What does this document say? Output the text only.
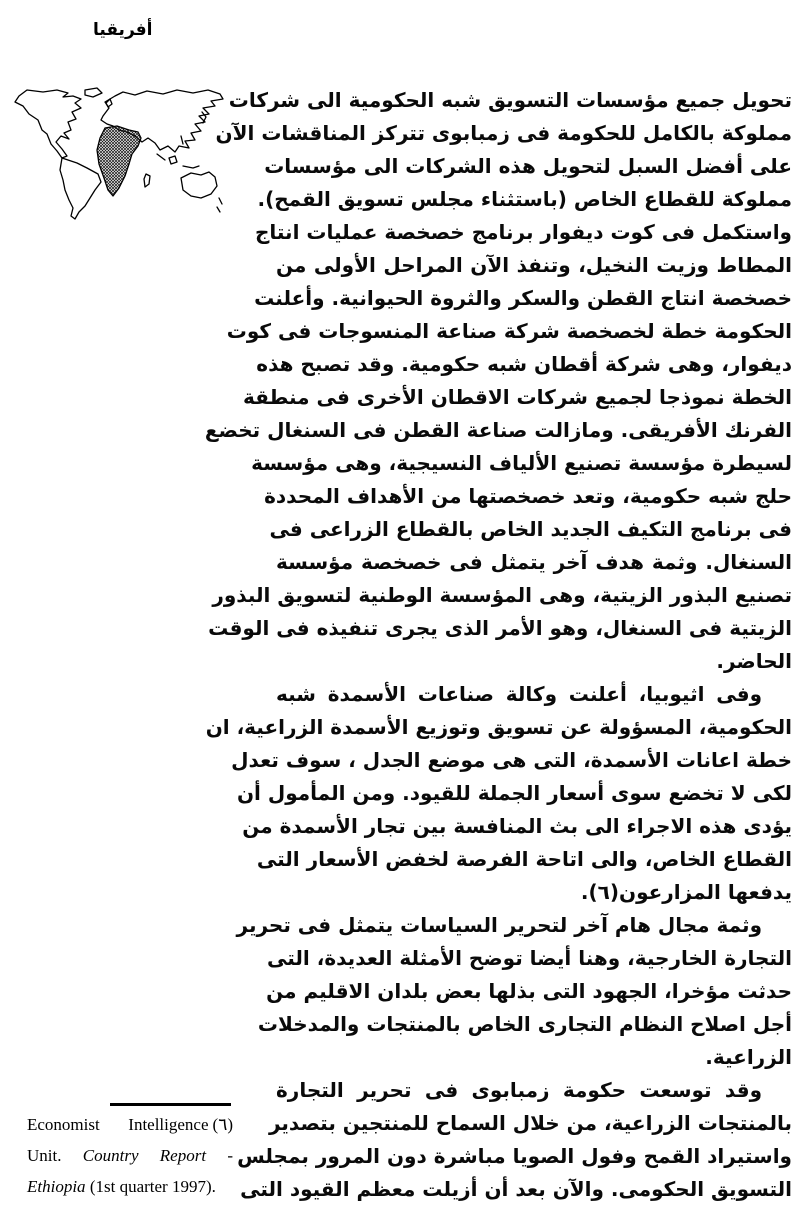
أفريقيا
تحويل جميع مؤسسات التسويق شبه الحكومية الى شركات
مملوكة بالكامل للحكومة فى زمبابوى تتركز المناقشات الآن
على أفضل السبل لتحويل هذه الشركات الى مؤسسات
مملوكة للقطاع الخاص (باستثناء مجلس تسويق القمح).
واستكمل فى كوت ديفوار برنامج خصخصة عمليات انتاج
المطاط وزيت النخيل، وتنفذ الآن المراحل الأولى من
خصخصة انتاج القطن والسكر والثروة الحيوانية. وأعلنت
الحكومة خطة لخصخصة شركة صناعة المنسوجات فى كوت
ديفوار، وهى شركة أقطان شبه حكومية. وقد تصبح هذه
الخطة نموذجا لجميع شركات الاقطان الأخرى فى منطقة
الفرنك الأفريقى. ومازالت صناعة القطن فى السنغال تخضع
لسيطرة مؤسسة تصنيع الألياف النسيجية، وهى مؤسسة
حلج شبه حكومية، وتعد خصخصتها من الأهداف المحددة
فى برنامج التكيف الجديد الخاص بالقطاع الزراعى فى
السنغال. وثمة هدف آخر يتمثل فى خصخصة مؤسسة
تصنيع البذور الزيتية، وهى المؤسسة الوطنية لتسويق البذور
الزيتية فى السنغال، وهو الأمر الذى يجرى تنفيذه فى الوقت
الحاضر.
وفى اثيوبيا، أعلنت وكالة صناعات الأسمدة شبه
الحكومية، المسؤولة عن تسويق وتوزيع الأسمدة الزراعية، ان
خطة اعانات الأسمدة، التى هى موضع الجدل ، سوف تعدل
لكى لا تخضع سوى أسعار الجملة للقيود. ومن المأمول أن
يؤدى هذه الاجراء الى بث المنافسة بين تجار الأسمدة من
القطاع الخاص، والى اتاحة الفرصة لخفض الأسعار التى
يدفعها المزارعون(٦).
وثمة مجال هام آخر لتحرير السياسات يتمثل فى تحرير
التجارة الخارجية، وهنا أيضا توضح الأمثلة العديدة، التى
حدثت مؤخرا، الجهود التى بذلها بعض بلدان الاقليم من
أجل اصلاح النظام التجارى الخاص بالمنتجات والمدخلات
الزراعية.
وقد توسعت حكومة زمبابوى فى تحرير التجارة
بالمنتجات الزراعية، من خلال السماح للمنتجين بتصدير
واستيراد القمح وفول الصويا مباشرة دون المرور بمجلس
التسويق الحكومى. والآن بعد أن أزيلت معظم القيود التى
(٦)
Economist Intelligence Unit. Country Report - Ethiopia (1st quarter 1997).
